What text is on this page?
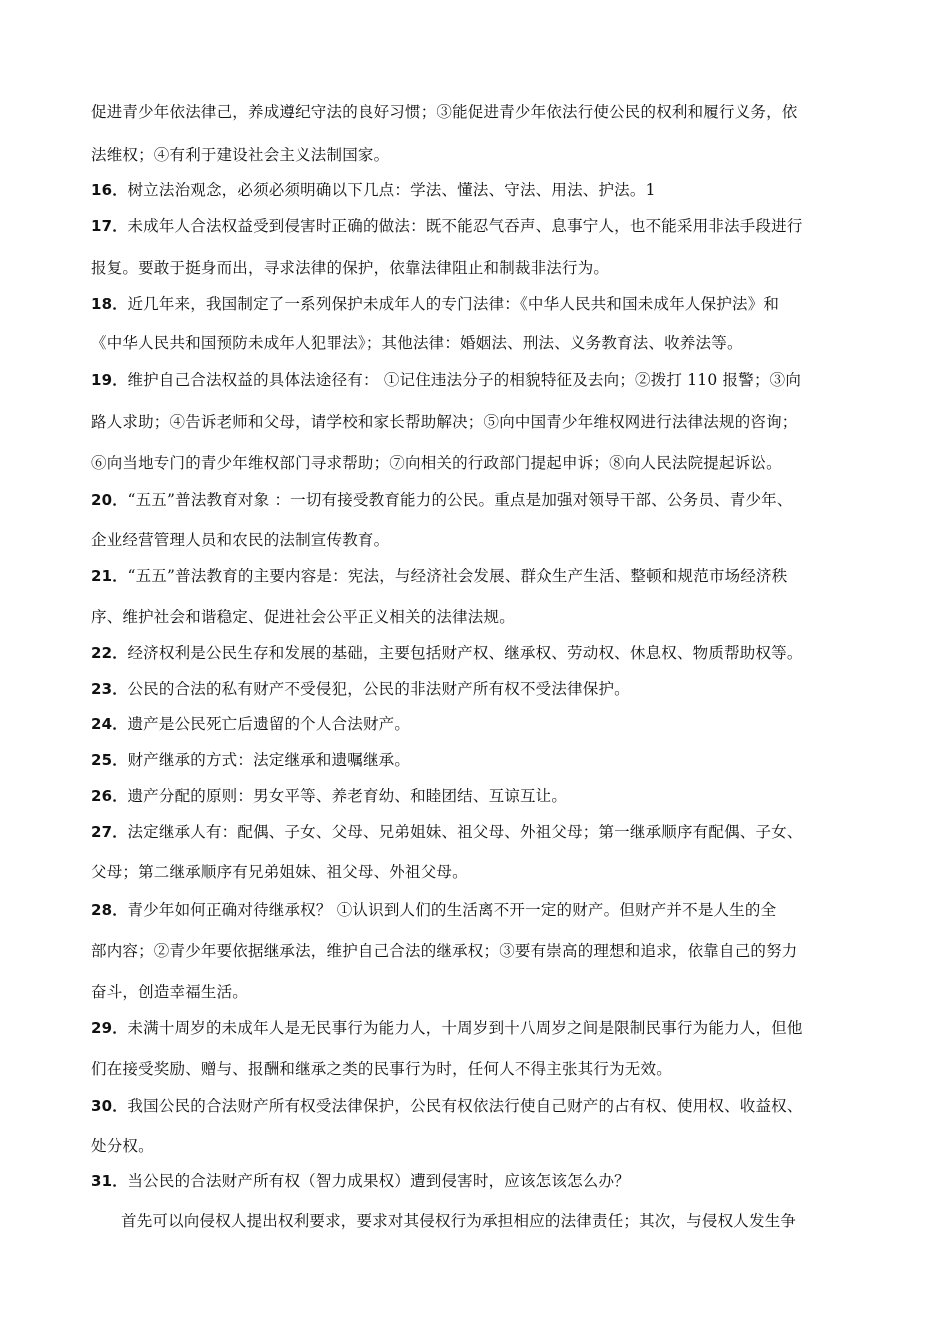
促进青少年依法律己，养成遵纪守法的良好习惯；③能促进青少年依法行使公民的权利和履行义务，依
法维权；④有利于建设社会主义法制国家。
16．树立法治观念，必须必须明确以下几点：学法、懂法、守法、用法、护法。1
17．未成年人合法权益受到侵害时正确的做法：既不能忍气吞声、息事宁人，也不能采用非法手段进行
报复。要敢于挺身而出，寻求法律的保护，依靠法律阻止和制裁非法行为。
18．近几年来，我国制定了一系列保护未成年人的专门法律：《中华人民共和国未成年人保护法》和
《中华人民共和国预防未成年人犯罪法》；其他法律：婚姻法、刑法、义务教育法、收养法等。
19．维护自己合法权益的具体法途径有： ①记住违法分子的相貌特征及去向；②拨打 110 报警；③向
路人求助；④告诉老师和父母，请学校和家长帮助解决；⑤向中国青少年维权网进行法律法规的咨询；
⑥向当地专门的青少年维权部门寻求帮助；⑦向相关的行政部门提起申诉；⑧向人民法院提起诉讼。
20．“五五”普法教育对象 ：一切有接受教育能力的公民。重点是加强对领导干部、公务员、青少年、
企业经营管理人员和农民的法制宣传教育。
21．“五五”普法教育的主要内容是：宪法，与经济社会发展、群众生产生活、整顿和规范市场经济秩
序、维护社会和谐稳定、促进社会公平正义相关的法律法规。
22．经济权利是公民生存和发展的基础，主要包括财产权、继承权、劳动权、休息权、物质帮助权等。
23．公民的合法的私有财产不受侵犯，公民的非法财产所有权不受法律保护。
24．遗产是公民死亡后遗留的个人合法财产。
25．财产继承的方式：法定继承和遗嘱继承。
26．遗产分配的原则：男女平等、养老育幼、和睦团结、互谅互让。
27．法定继承人有：配偶、子女、父母、兄弟姐妹、祖父母、外祖父母；第一继承顺序有配偶、子女、
父母；第二继承顺序有兄弟姐妹、祖父母、外祖父母。
28．青少年如何正确对待继承权？ ①认识到人们的生活离不开一定的财产。但财产并不是人生的全
部内容；②青少年要依据继承法，维护自己合法的继承权；③要有崇高的理想和追求，依靠自己的努力
奋斗，创造幸福生活。
29．未满十周岁的未成年人是无民事行为能力人，十周岁到十八周岁之间是限制民事行为能力人，但他
们在接受奖励、赠与、报酬和继承之类的民事行为时，任何人不得主张其行为无效。
30．我国公民的合法财产所有权受法律保护，公民有权依法行使自己财产的占有权、使用权、收益权、
处分权。
31．当公民的合法财产所有权（智力成果权）遭到侵害时，应该怎该怎么办？
首先可以向侵权人提出权利要求，要求对其侵权行为承担相应的法律责任；其次，与侵权人发生争
